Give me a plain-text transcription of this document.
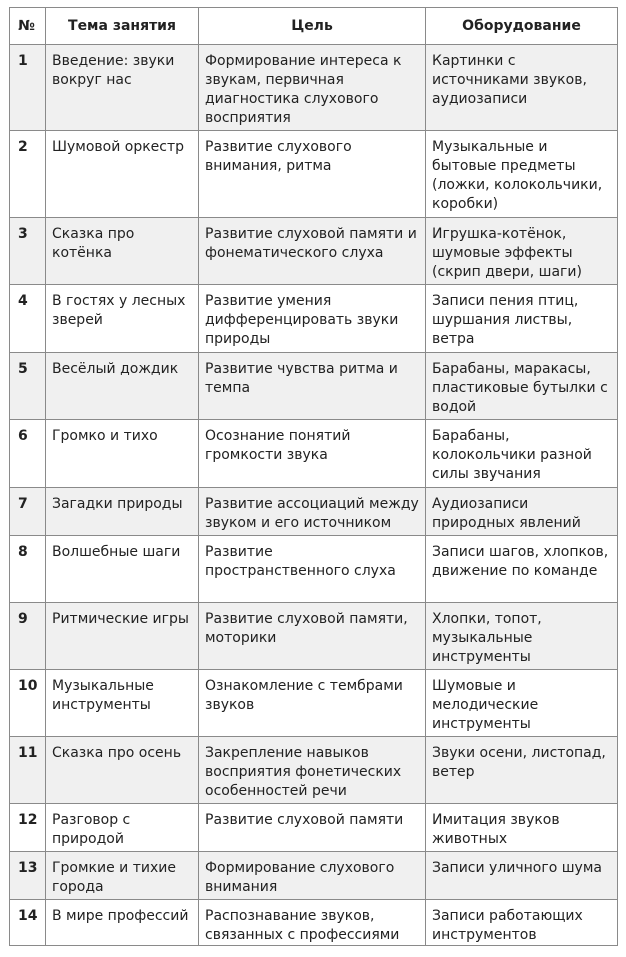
№	Тема занятия	Цель	Оборудование
1	Введение: звуки вокруг нас	Формирование интереса к звукам, первичная диагностика слухового восприятия	Картинки с источниками звуков, аудиозаписи
2	Шумовой оркестр	Развитие слухового внимания, ритма	Музыкальные и бытовые предметы (ложки, колокольчики, коробки)
3	Сказка про котёнка	Развитие слуховой памяти и фонематического слуха	Игрушка-котёнок, шумовые эффекты (скрип двери, шаги)
4	В гостях у лесных зверей	Развитие умения дифференцировать звуки природы	Записи пения птиц, шуршания листвы, ветра
5	Весёлый дождик	Развитие чувства ритма и темпа	Барабаны, маракасы, пластиковые бутылки с водой
6	Громко и тихо	Осознание понятий громкости звука	Барабаны, колокольчики разной силы звучания
7	Загадки природы	Развитие ассоциаций между звуком и его источником	Аудиозаписи природных явлений
8	Волшебные шаги	Развитие пространственного слуха	Записи шагов, хлопков, движение по команде
9	Ритмические игры	Развитие слуховой памяти, моторики	Хлопки, топот, музыкальные инструменты
10	Музыкальные инструменты	Ознакомление с тембрами звуков	Шумовые и мелодические инструменты
11	Сказка про осень	Закрепление навыков восприятия фонетических особенностей речи	Звуки осени, листопад, ветер
12	Разговор с природой	Развитие слуховой памяти	Имитация звуков животных
13	Громкие и тихие города	Формирование слухового внимания	Записи уличного шума
14	В мире профессий	Распознавание звуков, связанных с профессиями	Записи работающих инструментов
